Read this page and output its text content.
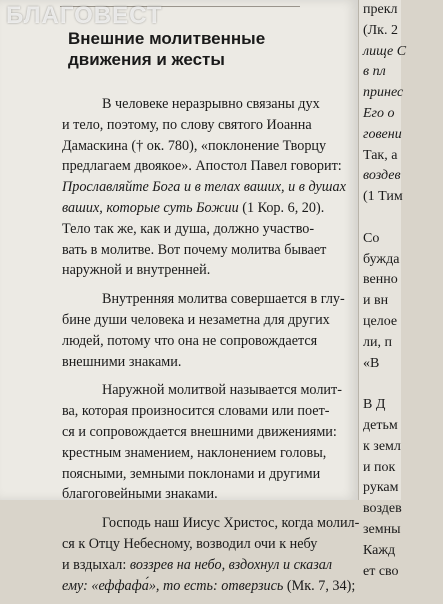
Внешние молитвенные
движения и жесты
В человеке неразрывно связаны дух
и тело, поэтому, по слову святого Иоанна
Дамаскина († ок. 780), «поклонение Творцу
предлагаем двоякое». Апостол Павел говорит:
Прославляйте Бога и в телах ваших, и в душах
ваших, которые суть Божии (1 Кор. 6, 20).
Тело так же, как и душа, должно участво-
вать в молитве. Вот почему молитва бывает
наружной и внутренней.
Внутренняя молитва совершается в глу-
бине души человека и незаметна для других
людей, потому что она не сопровождается
внешними знаками.
Наружной молитвой называется молит-
ва, которая произносится словами или поет-
ся и сопровождается внешними движениями:
крестным знамением, наклонением головы,
поясными, земными поклонами и другими
благоговейными знаками.
Господь наш Иисус Христос, когда молил-
ся к Отцу Небесному, возводил очи к небу
и вздыхал: воззрев на небо, вздохнул и сказал
ему: «еффафа́», то есть: отверзись (Мк. 7, 34);
прекл
(Лк. 2
лище С
в пл
принес
Его о
говени
Так, а
воздев
(1 Тим

Со
бужда
венно
и вн
целое
ли, п
«В

В Д
детьм
к земл
и пок
рукам
воздев
земны
Кажд
ет сво
БЛАГОВЕСТ
